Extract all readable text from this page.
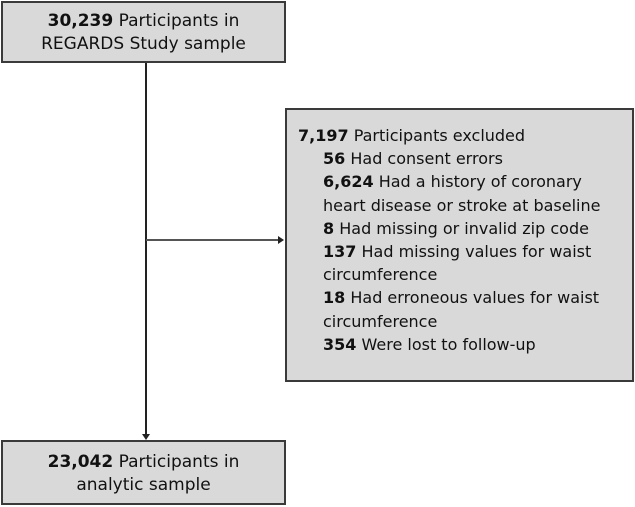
30,239 Participants in
REGARDS Study sample
7,197 Participants excluded
56 Had consent errors
6,624 Had a history of coronary
heart disease or stroke at baseline
8 Had missing or invalid zip code
137 Had missing values for waist
circumference
18 Had erroneous values for waist
circumference
354 Were lost to follow-up
23,042 Participants in
analytic sample
